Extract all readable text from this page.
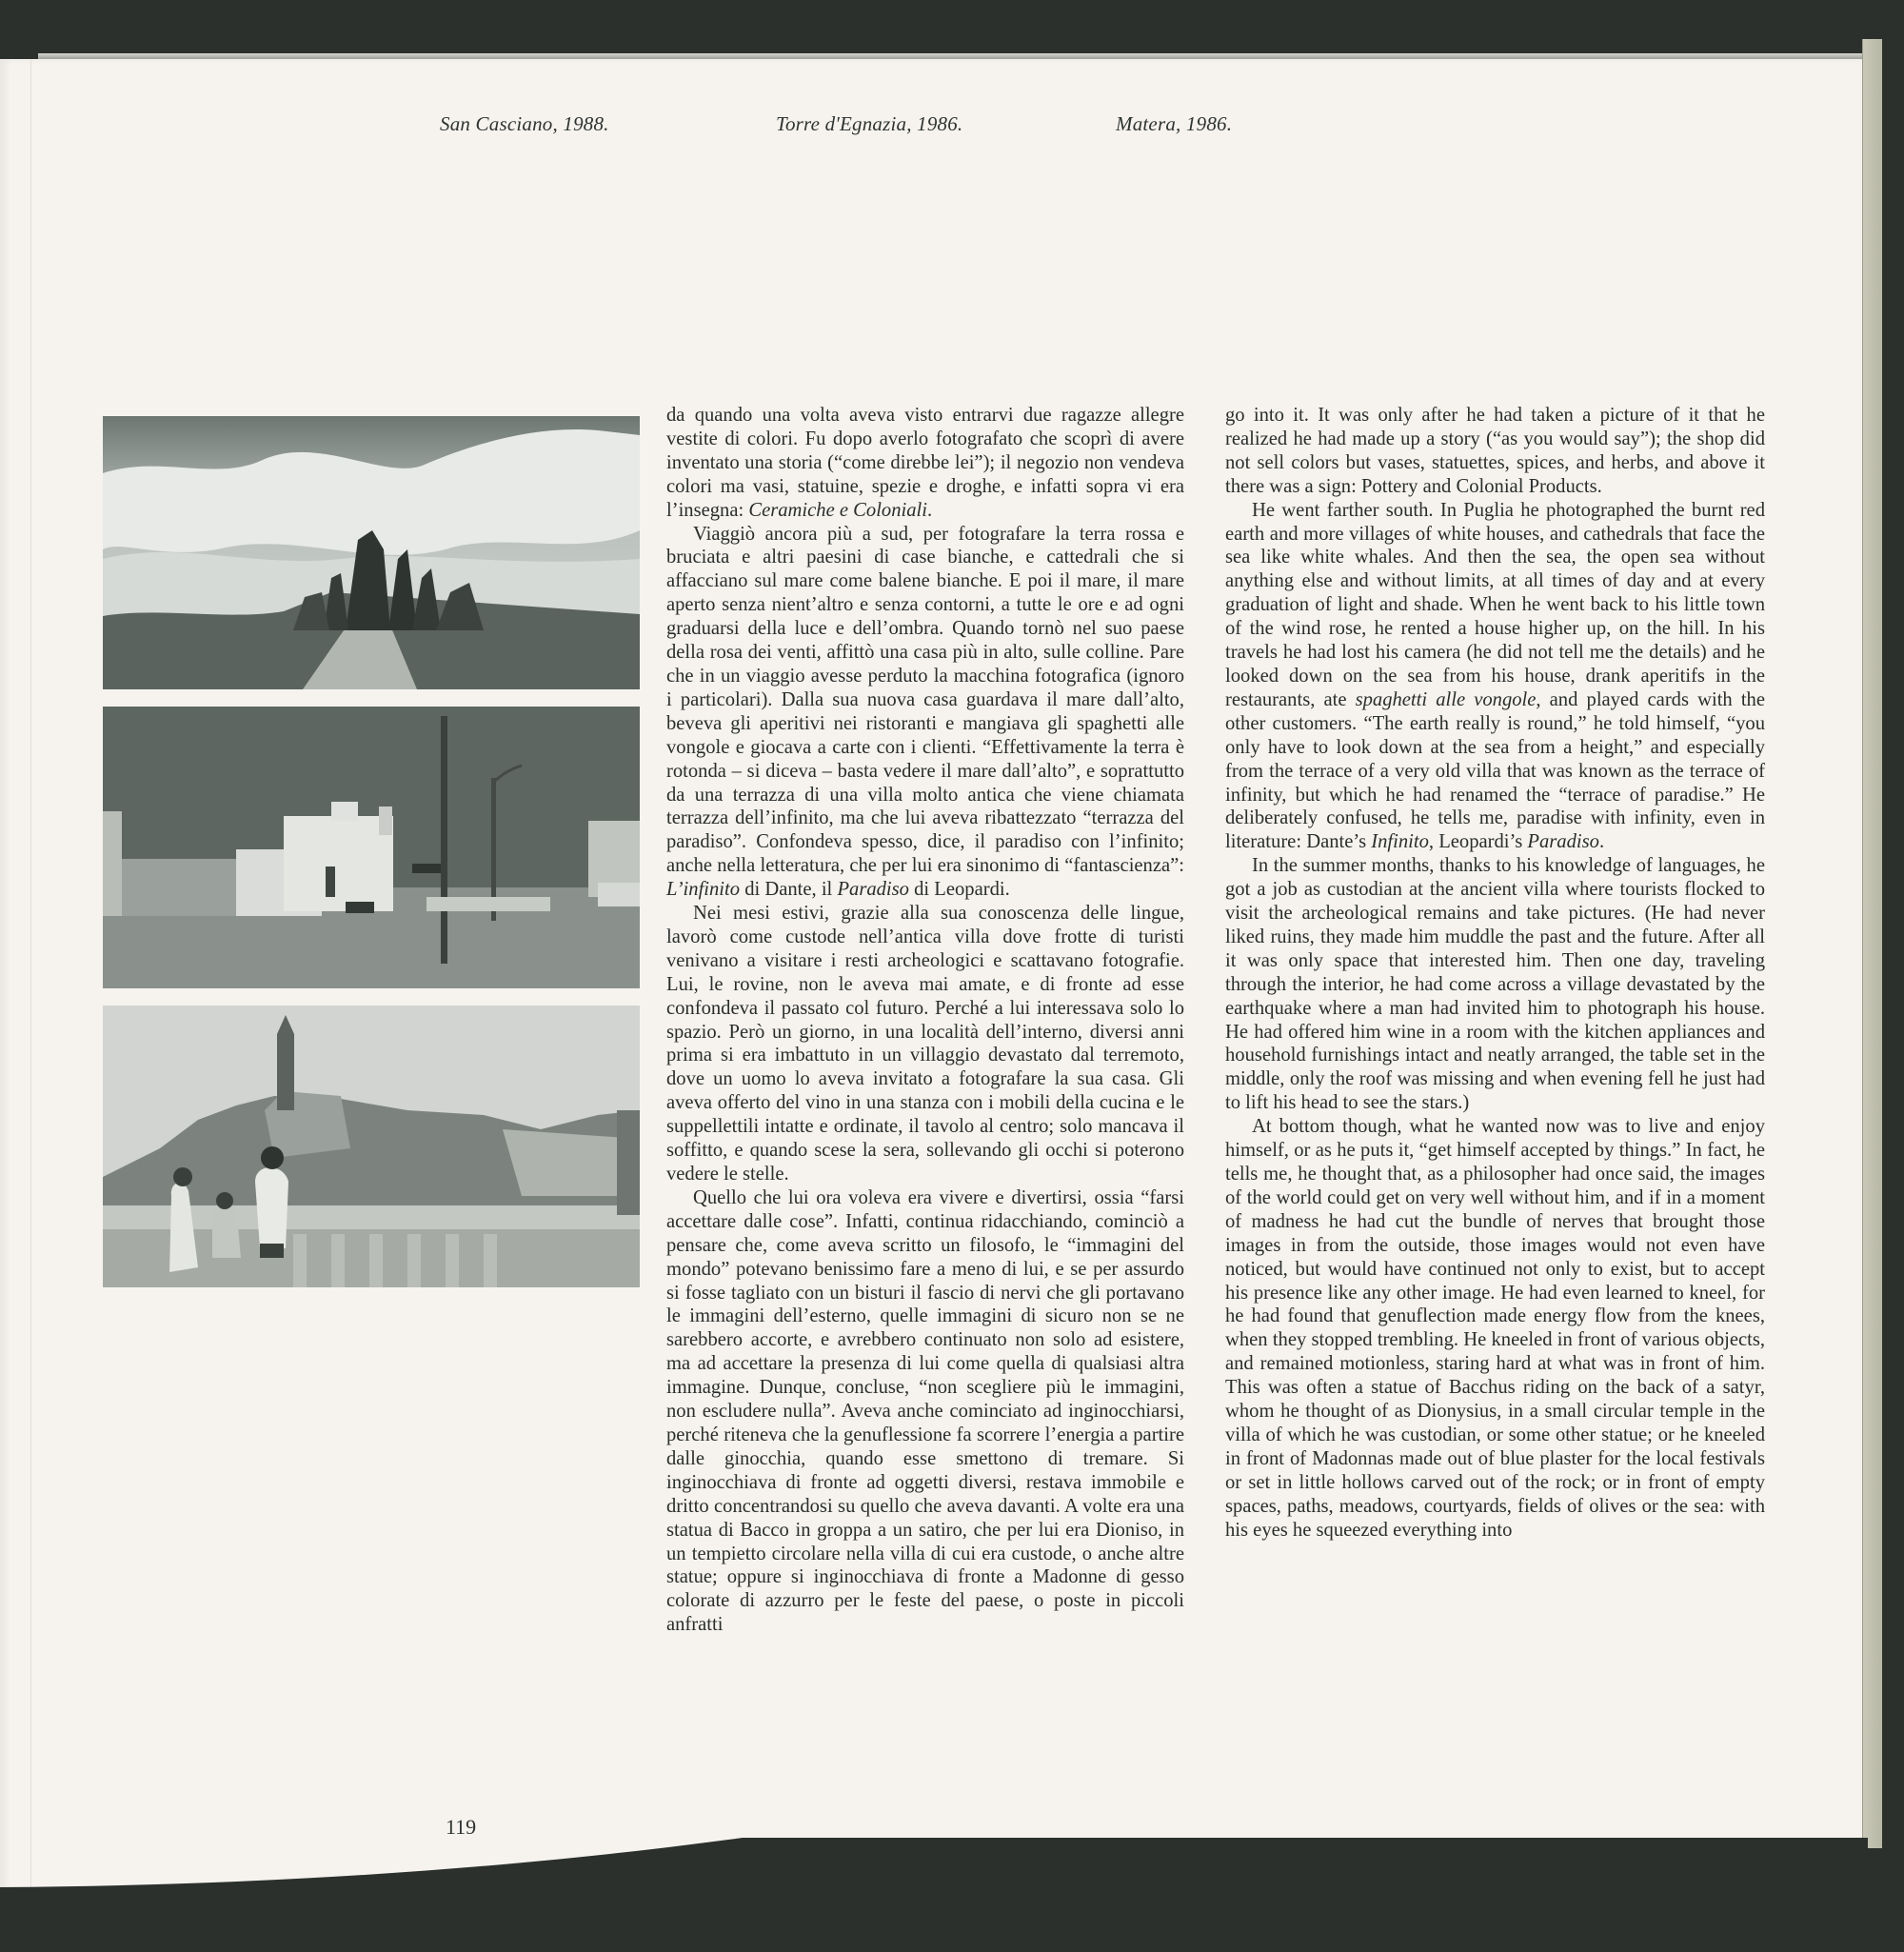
San Casciano, 1988.	Torre d'Egnazia, 1986.	Matera, 1986.

da quando una volta aveva visto entrarvi due ragazze allegre vestite di colori. Fu dopo averlo fotografato che scoprì di avere inventato una storia (“come direbbe lei”); il negozio non vendeva colori ma vasi, statuine, spezie e droghe, e infatti sopra vi era l’insegna: Ceramiche e Coloniali.

Viaggiò ancora più a sud, per fotografare la terra rossa e bruciata e altri paesini di case bianche, e cattedrali che si affacciano sul mare come balene bianche. E poi il mare, il mare aperto senza nient’altro e senza contorni, a tutte le ore e ad ogni graduarsi della luce e dell’ombra. Quando tornò nel suo paese della rosa dei venti, affittò una casa più in alto, sulle colline. Pare che in un viaggio avesse perduto la macchina fotografica (ignoro i particolari). Dalla sua nuova casa guardava il mare dall’alto, beveva gli aperitivi nei ristoranti e mangiava gli spaghetti alle vongole e giocava a carte con i clienti. “Effettivamente la terra è rotonda – si diceva – basta vedere il mare dall’alto”, e soprattutto da una terrazza di una villa molto antica che viene chiamata terrazza dell’infinito, ma che lui aveva ribattezzato “terrazza del paradiso”. Confondeva spesso, dice, il paradiso con l’infinito; anche nella letteratura, che per lui era sinonimo di “fantascienza”: L’infinito di Dante, il Paradiso di Leopardi.

Nei mesi estivi, grazie alla sua conoscenza delle lingue, lavorò come custode nell’antica villa dove frotte di turisti venivano a visitare i resti archeologici e scattavano fotografie. Lui, le rovine, non le aveva mai amate, e di fronte ad esse confondeva il passato col futuro. Perché a lui interessava solo lo spazio. Però un giorno, in una località dell’interno, diversi anni prima si era imbattuto in un villaggio devastato dal terremoto, dove un uomo lo aveva invitato a fotografare la sua casa. Gli aveva offerto del vino in una stanza con i mobili della cucina e le suppellettili intatte e ordinate, il tavolo al centro; solo mancava il soffitto, e quando scese la sera, sollevando gli occhi si poterono vedere le stelle.

Quello che lui ora voleva era vivere e divertirsi, ossia “farsi accettare dalle cose”. Infatti, continua ridacchiando, cominciò a pensare che, come aveva scritto un filosofo, le “immagini del mondo” potevano benissimo fare a meno di lui, e se per assurdo si fosse tagliato con un bisturi il fascio di nervi che gli portavano le immagini dell’esterno, quelle immagini di sicuro non se ne sarebbero accorte, e avrebbero continuato non solo ad esistere, ma ad accettare la presenza di lui come quella di qualsiasi altra immagine. Dunque, concluse, “non scegliere più le immagini, non escludere nulla”. Aveva anche cominciato ad inginocchiarsi, perché riteneva che la genuflessione fa scorrere l’energia a partire dalle ginocchia, quando esse smettono di tremare. Si inginocchiava di fronte ad oggetti diversi, restava immobile e dritto concentrandosi su quello che aveva davanti. A volte era una statua di Bacco in groppa a un satiro, che per lui era Dioniso, in un tempietto circolare nella villa di cui era custode, o anche altre statue; oppure si inginocchiava di fronte a Madonne di gesso colorate di azzurro per le feste del paese, o poste in piccoli anfratti

go into it. It was only after he had taken a picture of it that he realized he had made up a story (“as you would say”); the shop did not sell colors but vases, statuettes, spices, and herbs, and above it there was a sign: Pottery and Colonial Products.

He went farther south. In Puglia he photographed the burnt red earth and more villages of white houses, and cathedrals that face the sea like white whales. And then the sea, the open sea without anything else and without limits, at all times of day and at every graduation of light and shade. When he went back to his little town of the wind rose, he rented a house higher up, on the hill. In his travels he had lost his camera (he did not tell me the details) and he looked down on the sea from his house, drank aperitifs in the restaurants, ate spaghetti alle vongole, and played cards with the other customers. “The earth really is round,” he told himself, “you only have to look down at the sea from a height,” and especially from the terrace of a very old villa that was known as the terrace of infinity, but which he had renamed the “terrace of paradise.” He deliberately confused, he tells me, paradise with infinity, even in literature: Dante’s Infinito, Leopardi’s Paradiso.

In the summer months, thanks to his knowledge of languages, he got a job as custodian at the ancient villa where tourists flocked to visit the archeological remains and take pictures. (He had never liked ruins, they made him muddle the past and the future. After all it was only space that interested him. Then one day, traveling through the interior, he had come across a village devastated by the earthquake where a man had invited him to photograph his house. He had offered him wine in a room with the kitchen appliances and household furnishings intact and neatly arranged, the table set in the middle, only the roof was missing and when evening fell he just had to lift his head to see the stars.)

At bottom though, what he wanted now was to live and enjoy himself, or as he puts it, “get himself accepted by things.” In fact, he tells me, he thought that, as a philosopher had once said, the images of the world could get on very well without him, and if in a moment of madness he had cut the bundle of nerves that brought those images in from the outside, those images would not even have noticed, but would have continued not only to exist, but to accept his presence like any other image. He had even learned to kneel, for he had found that genuflection made energy flow from the knees, when they stopped trembling. He kneeled in front of various objects, and remained motionless, staring hard at what was in front of him. This was often a statue of Bacchus riding on the back of a satyr, whom he thought of as Dionysius, in a small circular temple in the villa of which he was custodian, or some other statue; or he kneeled in front of Madonnas made out of blue plaster for the local festivals or set in little hollows carved out of the rock; or in front of empty spaces, paths, meadows, courtyards, fields of olives or the sea: with his eyes he squeezed everything into

119
